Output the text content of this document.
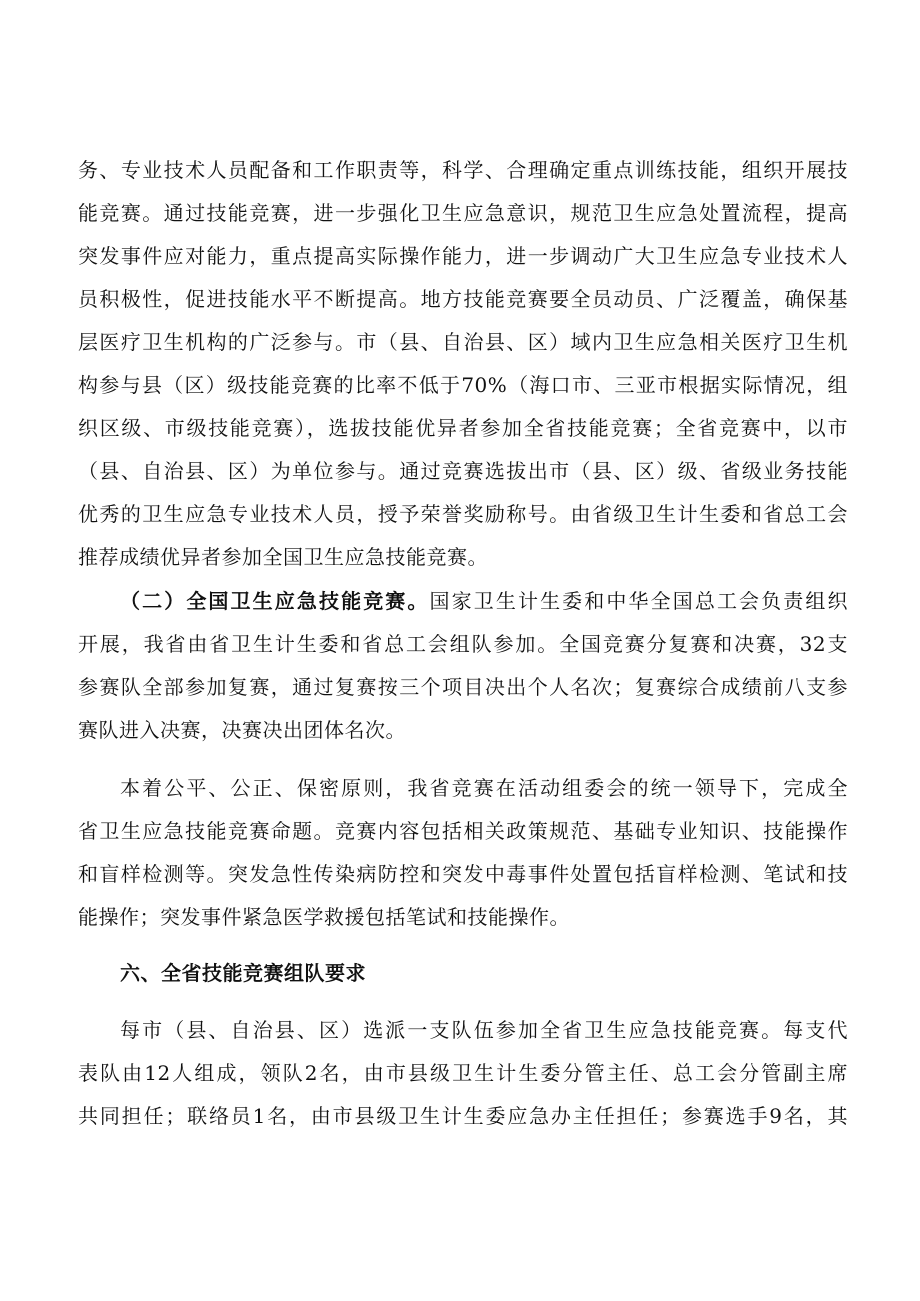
务、专业技术人员配备和工作职责等，科学、合理确定重点训练技能，组织开展技
能竞赛。通过技能竞赛，进一步强化卫生应急意识，规范卫生应急处置流程，提高
突发事件应对能力，重点提高实际操作能力，进一步调动广大卫生应急专业技术人
员积极性，促进技能水平不断提高。地方技能竞赛要全员动员、广泛覆盖，确保基
层医疗卫生机构的广泛参与。市（县、自治县、区）域内卫生应急相关医疗卫生机
构参与县（区）级技能竞赛的比率不低于70%（海口市、三亚市根据实际情况，组
织区级、市级技能竞赛），选拔技能优异者参加全省技能竞赛；全省竞赛中，以市
（县、自治县、区）为单位参与。通过竞赛选拔出市（县、区）级、省级业务技能
优秀的卫生应急专业技术人员，授予荣誉奖励称号。由省级卫生计生委和省总工会
推荐成绩优异者参加全国卫生应急技能竞赛。
（二）全国卫生应急技能竞赛。国家卫生计生委和中华全国总工会负责组织
开展，我省由省卫生计生委和省总工会组队参加。全国竞赛分复赛和决赛，32支
参赛队全部参加复赛，通过复赛按三个项目决出个人名次；复赛综合成绩前八支参
赛队进入决赛，决赛决出团体名次。
本着公平、公正、保密原则，我省竞赛在活动组委会的统一领导下，完成全
省卫生应急技能竞赛命题。竞赛内容包括相关政策规范、基础专业知识、技能操作
和盲样检测等。突发急性传染病防控和突发中毒事件处置包括盲样检测、笔试和技
能操作；突发事件紧急医学救援包括笔试和技能操作。
六、全省技能竞赛组队要求
每市（县、自治县、区）选派一支队伍参加全省卫生应急技能竞赛。每支代
表队由12人组成，领队2名，由市县级卫生计生委分管主任、总工会分管副主席
共同担任；联络员1名，由市县级卫生计生委应急办主任担任；参赛选手9名，其
